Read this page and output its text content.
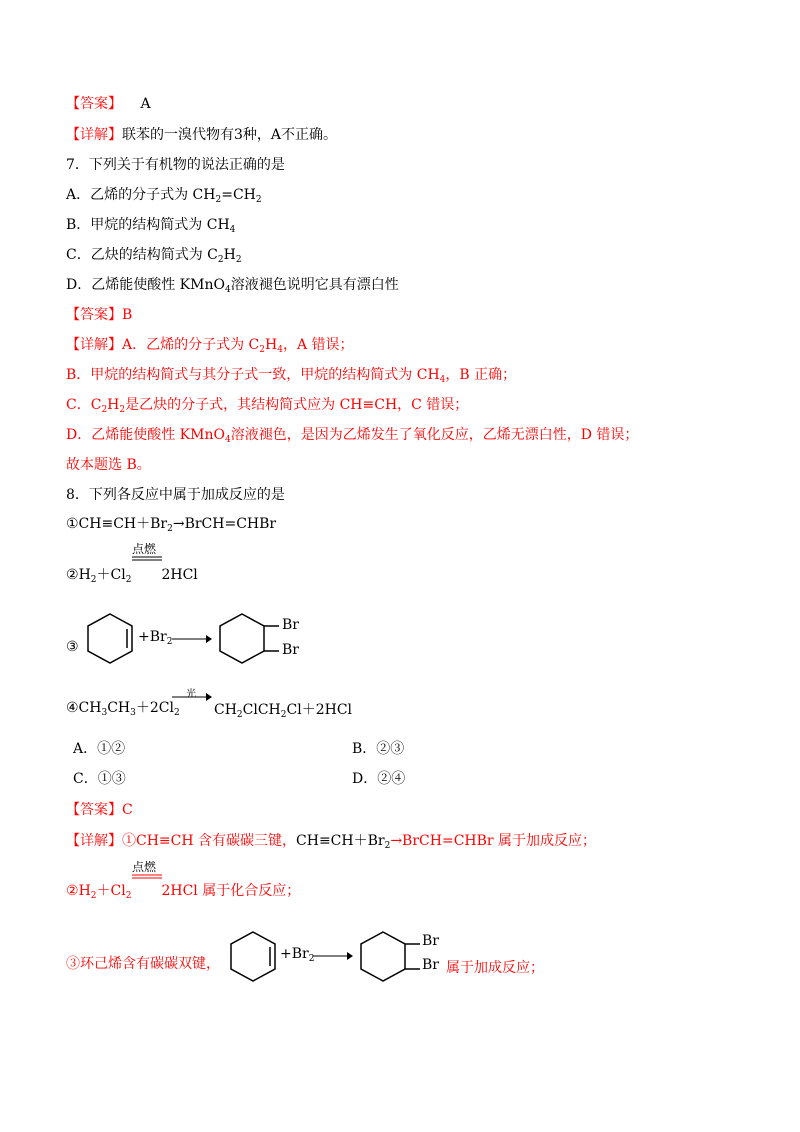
【答案】 A
【详解】联苯的一溴代物有3种，A不正确。
7．下列关于有机物的说法正确的是
A．乙烯的分子式为 $CH_2=CH_2$
B．甲烷的结构简式为 $CH_4$
C．乙炔的结构简式为 $C_2H_2$
D．乙烯能使酸性 KMnO$_4$溶液褪色说明它具有漂白性
【答案】B
【详解】A．乙烯的分子式为 $C_2H_4$，A 错误；
B．甲烷的结构简式与其分子式一致，甲烷的结构简式为 $CH_4$，B 正确；
C．$C_2H_2$是乙炔的分子式，其结构简式应为 CH≡CH，C 错误；
D．乙烯能使酸性 KMnO$_4$溶液褪色，是因为乙烯发生了氧化反应，乙烯无漂白性，D 错误；
故本题选 B。
8．下列各反应中属于加成反应的是
$①CH\equiv CH+Br_2\to BrCH=CHBr$
点燃
$②H_2+Cl_2$ 2HCl
③
$+Br_2$ →
Br
Br
光
$④CH_3CH_3+2Cl_2$ $CH_2ClCH_2Cl+2HCl$
A．①②	B．②③
C．①③	D．②④
【答案】C
【详解】①CH≡CH 含有碳碳三键，$CH\equiv CH+Br_2\to BrCH=CHBr$ 属于加成反应；
点燃
$②H_2+Cl_2$ 2HCl 属于化合反应；
③环己烯含有碳碳双键，
$+Br_2$
Br
Br 属于加成反应；
